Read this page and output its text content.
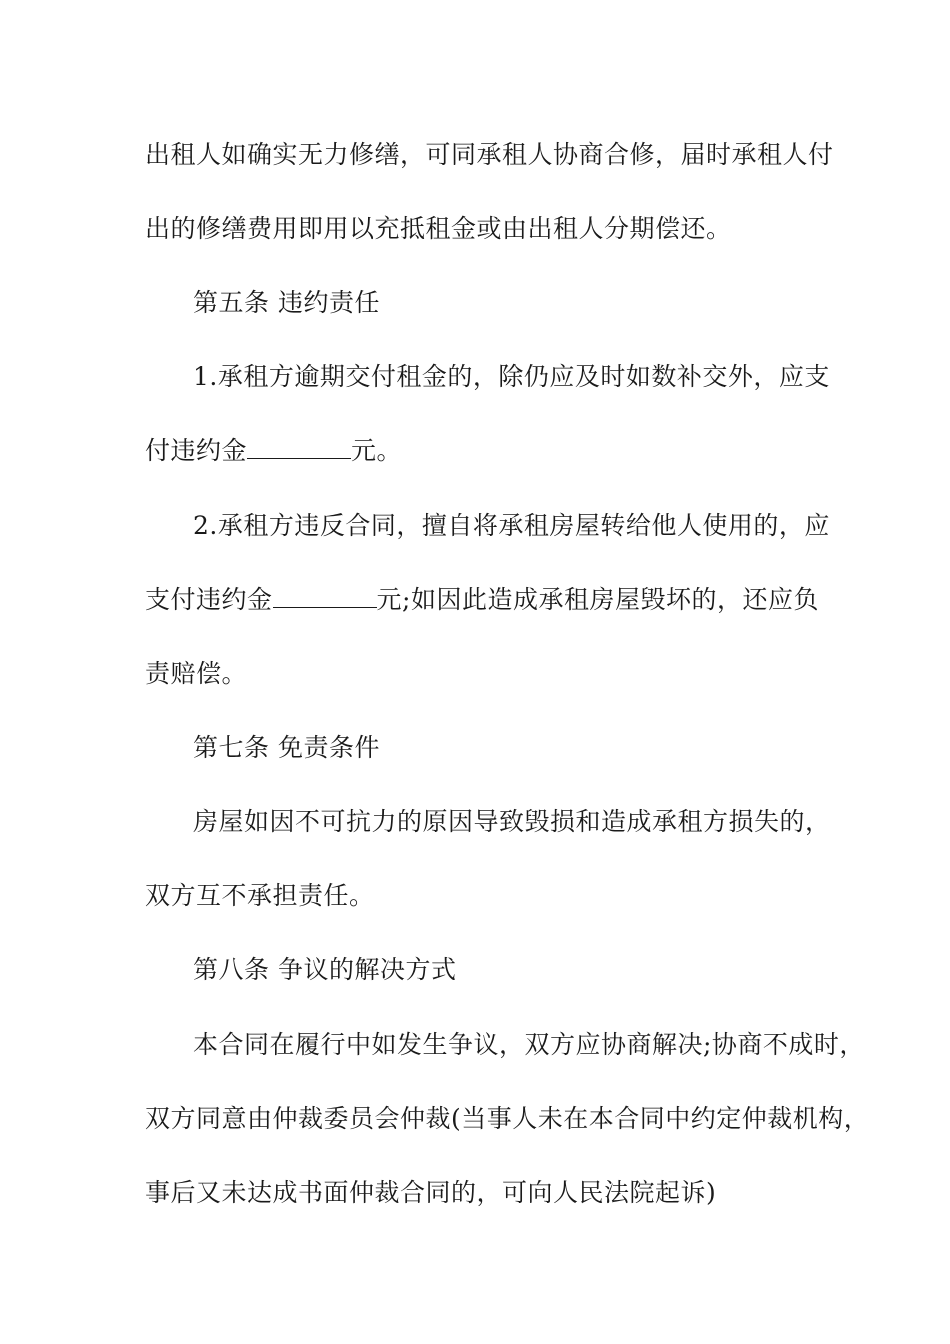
出租人如确实无力修缮，可同承租人协商合修，届时承租人付
出的修缮费用即用以充抵租金或由出租人分期偿还。
第五条 违约责任
1.承租方逾期交付租金的，除仍应及时如数补交外，应支
付违约金	元。
2.承租方违反合同，擅自将承租房屋转给他人使用的，应
支付违约金	元;如因此造成承租房屋毁坏的，还应负
责赔偿。
第七条 免责条件
房屋如因不可抗力的原因导致毁损和造成承租方损失的，
双方互不承担责任。
第八条 争议的解决方式
本合同在履行中如发生争议，双方应协商解决;协商不成时，
双方同意由仲裁委员会仲裁(当事人未在本合同中约定仲裁机构，
事后又未达成书面仲裁合同的，可向人民法院起诉)
